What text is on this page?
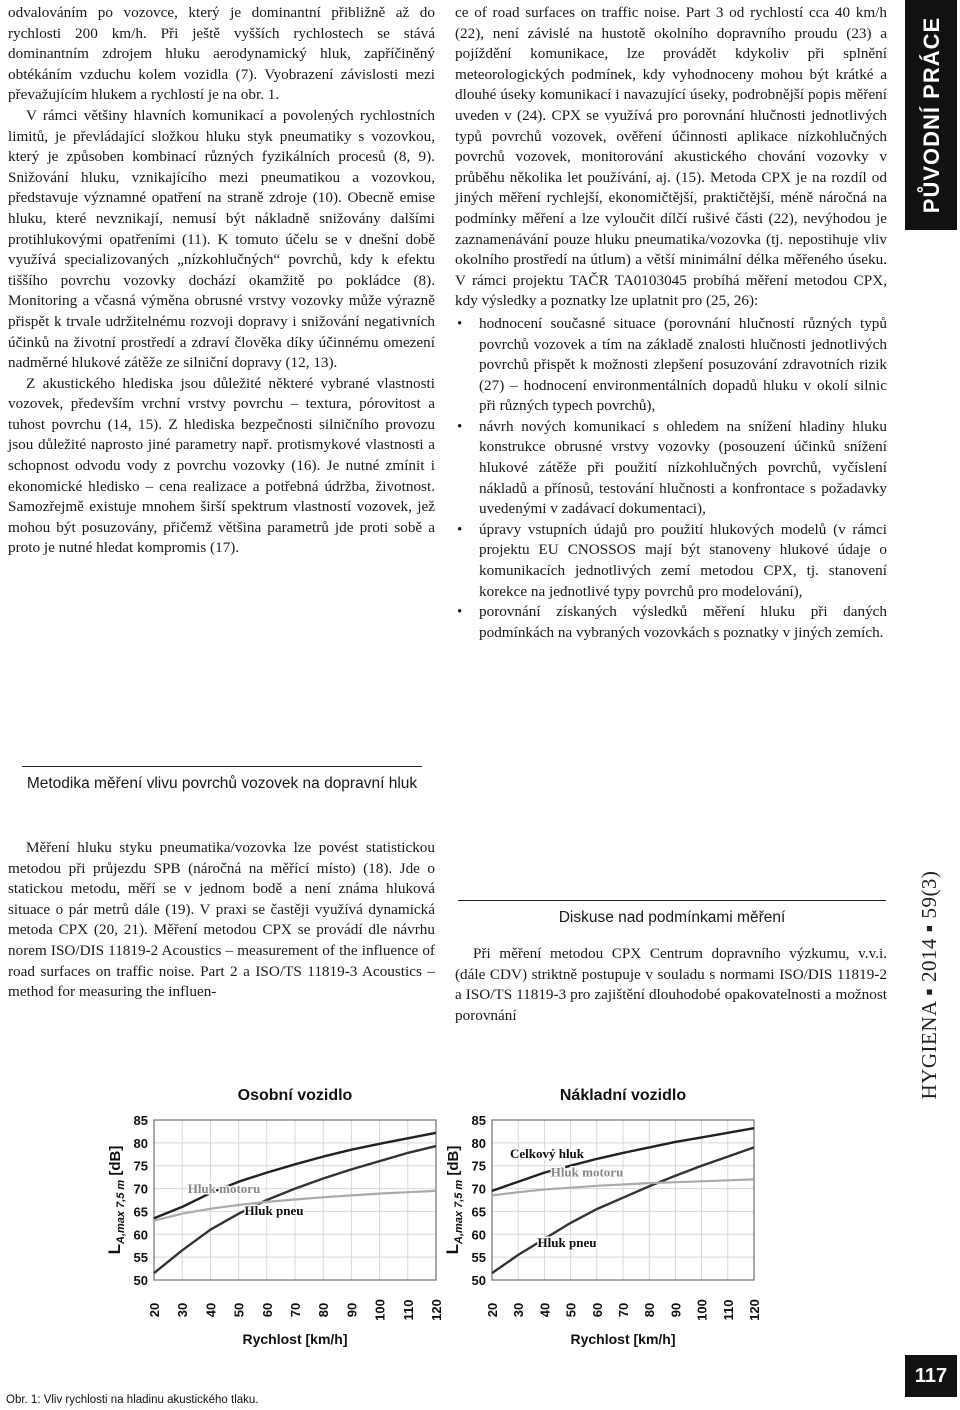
odvalováním po vozovce, který je dominantní přibližně až do rychlosti 200 km/h. Při ještě vyšších rychlostech se stává dominantním zdrojem hluku aerodynamický hluk, zapříčiněný obtékáním vzduchu kolem vozidla (7). Vyobrazení závislosti mezi převažujícím hlukem a rychlostí je na obr. 1.

V rámci většiny hlavních komunikací a povolených rychlostních limitů, je převládající složkou hluku styk pneumatiky s vozovkou, který je způsoben kombinací různých fyzikálních procesů (8, 9). Snižování hluku, vznikajícího mezi pneumatikou a vozovkou, představuje významné opatření na straně zdroje (10). Obecně emise hluku, které nevznikají, nemusí být nákladně snižovány dalšími protihlukovými opatřeními (11). K tomuto účelu se v dnešní době využívá specializovaných „nízkohlučných“ povrchů, kdy k efektu tiššího povrchu vozovky dochází okamžitě po pokládce (8). Monitoring a včasná výměna obrusné vrstvy vozovky může výrazně přispět k trvale udržitelnému rozvoji dopravy i snižování negativních účinků na životní prostředí a zdraví člověka díky účinnému omezení nadměrné hlukové zátěže ze silniční dopravy (12, 13).

Z akustického hlediska jsou důležité některé vybrané vlastnosti vozovek, především vrchní vrstvy povrchu – textura, pórovitost a tuhost povrchu (14, 15). Z hlediska bezpečnosti silničního provozu jsou důležité naprosto jiné parametry např. protismykové vlastnosti a schopnost odvodu vody z povrchu vozovky (16). Je nutné zmínit i ekonomické hledisko – cena realizace a potřebná údržba, životnost. Samozřejmě existuje mnohem širší spektrum vlastností vozovek, jež mohou být posuzovány, přičemž většina parametrů jde proti sobě a proto je nutné hledat kompromis (17).

Metodika měření vlivu povrchů vozovek na dopravní hluk

Měření hluku styku pneumatika/vozovka lze povést statistickou metodou při průjezdu SPB (náročná na měřící místo) (18). Jde o statickou metodu, měří se v jednom bodě a není známa hluková situace o pár metrů dále (19). V praxi se častěji využívá dynamická metoda CPX (20, 21). Měření metodou CPX se provádí dle návrhu norem ISO/DIS 11819-2 Acoustics – measurement of the influence of road surfaces on traffic noise. Part 2 a ISO/TS 11819-3 Acoustics – method for measuring the influen-

ce of road surfaces on traffic noise. Part 3 od rychlostí cca 40 km/h (22), není závislé na hustotě okolního dopravního proudu (23) a pojíždění komunikace, lze provádět kdykoliv při splnění meteorologických podmínek, kdy vyhodnoceny mohou být krátké a dlouhé úseky komunikací i navazující úseky, podrobnější popis měření uveden v (24). CPX se využívá pro porovnání hlučnosti jednotlivých typů povrchů vozovek, ověření účinnosti aplikace nízkohlučných povrchů vozovek, monitorování akustického chování vozovky v průběhu několika let používání, aj. (15). Metoda CPX je na rozdíl od jiných měření rychlejší, ekonomičtější, praktičtější, méně náročná na podmínky měření a lze vyloučit dílčí rušivé části (22), nevýhodou je zaznamenávání pouze hluku pneumatika/vozovka (tj. nepostihuje vliv okolního prostředí na útlum) a větší minimální délka měřeného úseku. V rámci projektu TAČR TA0103045 probíhá měření metodou CPX, kdy výsledky a poznatky lze uplatnit pro (25, 26):

• hodnocení současné situace (porovnání hlučností různých typů povrchů vozovek a tím na základě znalosti hlučnosti jednotlivých povrchů přispět k možnosti zlepšení posuzování zdravotních rizik (27) – hodnocení environmentálních dopadů hluku v okolí silnic při různých typech povrchů),
• návrh nových komunikací s ohledem na snížení hladiny hluku konstrukce obrusné vrstvy vozovky (posouzení účinků snížení hlukové zátěže při použití nízkohlučných povrchů, vyčíslení nákladů a přínosů, testování hlučnosti a konfrontace s požadavky uvedenými v zadávací dokumentaci),
• úpravy vstupních údajů pro použití hlukových modelů (v rámci projektu EU CNOSSOS mají být stanoveny hlukové údaje o komunikacích jednotlivých zemí metodou CPX, tj. stanovení korekce na jednotlivé typy povrchů pro modelování),
• porovnání získaných výsledků měření hluku při daných podmínkách na vybraných vozovkách s poznatky v jiných zemích.
Diskuse nad podmínkami měření

Při měření metodou CPX Centrum dopravního výzkumu, v.v.i. (dále CDV) striktně postupuje v souladu s normami ISO/DIS 11819-2 a ISO/TS 11819-3 pro zajištění dlouhodobé opakovatelnosti a možnost porovnání

PŮVODNÍ PRÁCE
HYGIENA ▪ 2014 ▪ 59(3)
117
Osobní vozidlo
50
55
60
65
70
75
80
85
20 30 40 50 60 70 80 90 100 110 120
Rychlost [km/h]
$L_{A,max 7,5 m}$ [dB]
Hluk pneu
Hluk motoru
Nákladní vozidlo
50
55
60
65
70
75
80
85
20 30 40 50 60 70 80 90 100 110 120
Rychlost [km/h]
$L_{A,max 7,5 m}$ [dB]	Celkový hluk
Hluk pneu
Hluk motoru
Obr. 1: Vliv rychlosti na hladinu akustického tlaku.
